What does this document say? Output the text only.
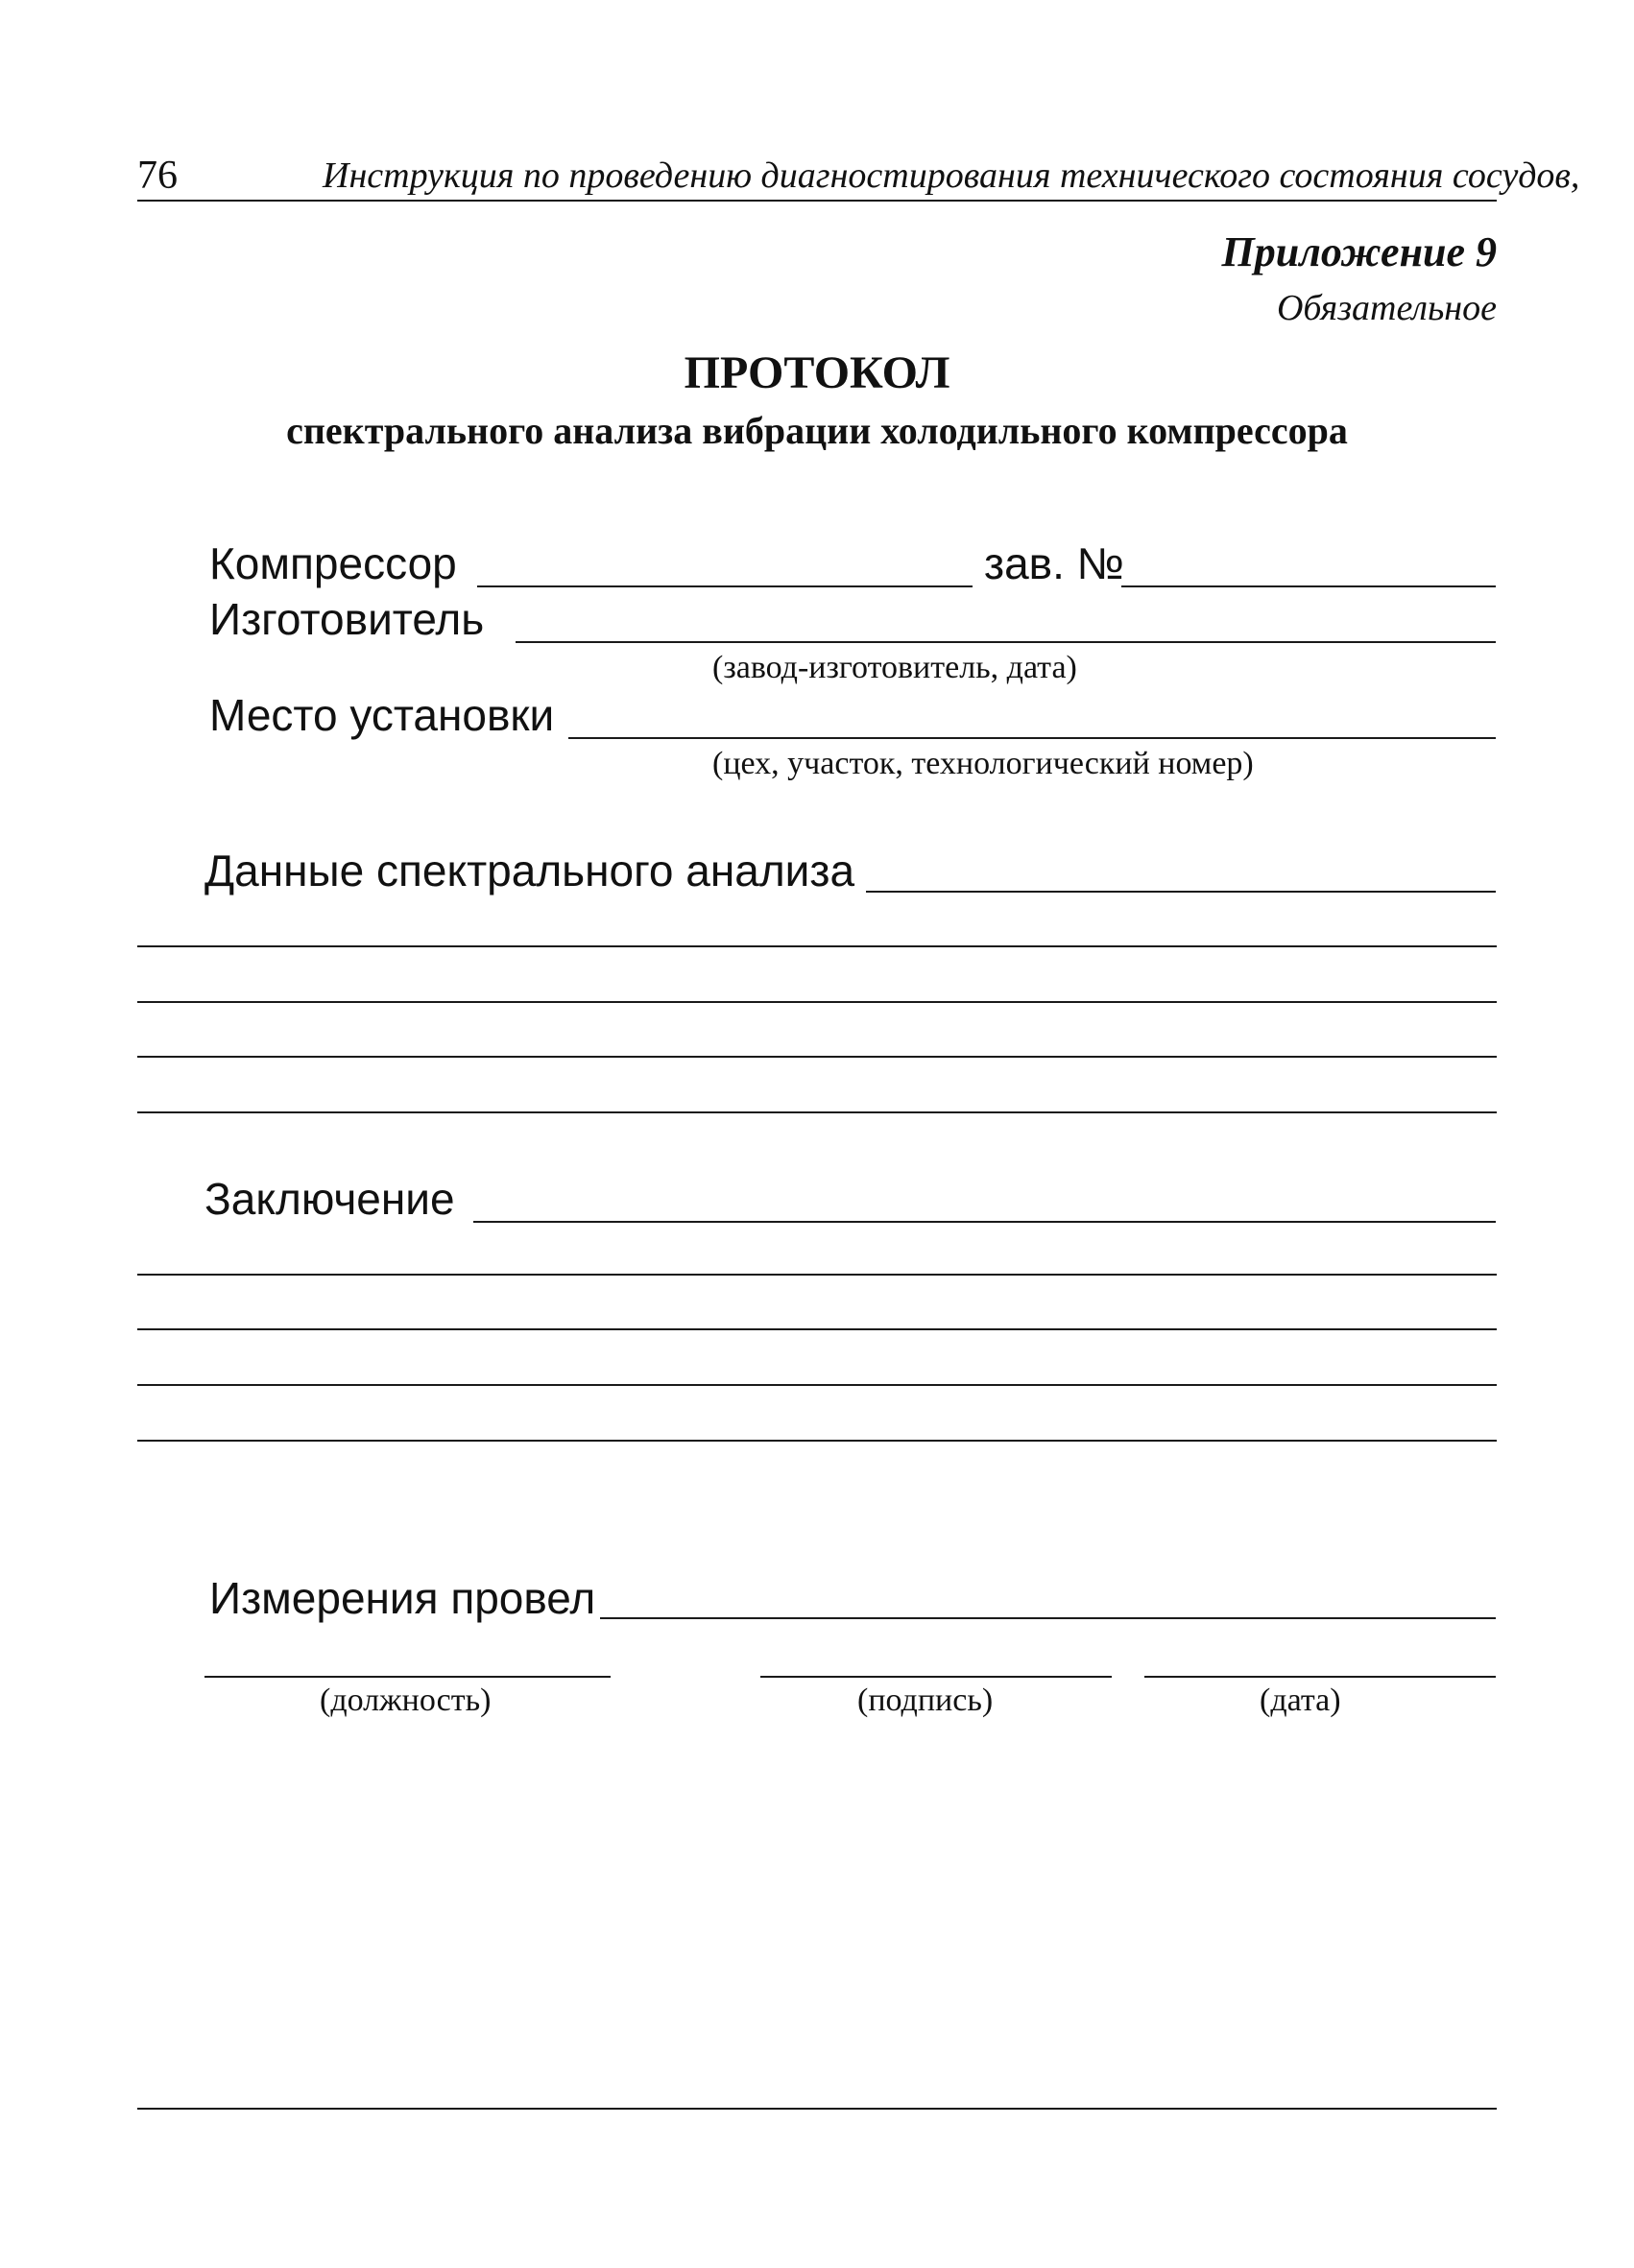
76	Инструкция по проведению диагностирования технического состояния сосудов,
Приложение 9
Обязательное
ПРОТОКОЛ
спектрального анализа вибрации холодильного компрессора
Компрессор	зав. №
Изготовитель
(завод-изготовитель, дата)
Место установки
(цех, участок, технологический номер)
Данные спектрального анализа
Заключение
Измерения провел
(должность)	(подпись)	(дата)
